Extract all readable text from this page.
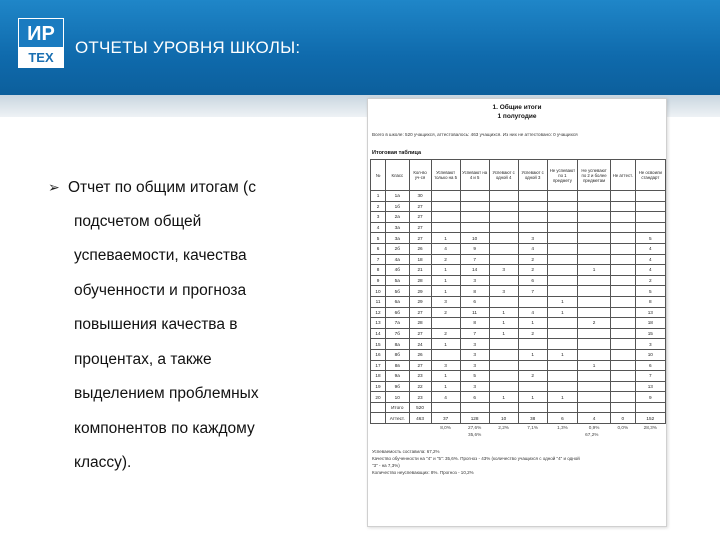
ИР
ТЕХ
ОТЧЕТЫ УРОВНЯ ШКОЛЫ:
➢ Отчет по общим итогам (с
подсчетом общей
успеваемости, качества
обученности и прогноза
повышения качества в
процентах, а также
выделением проблемных
компонентов по каждому
классу).
1. Общие итоги
1 полугодие
Всего в школе: 520 учащихся, аттестовалось: 463 учащихся. Из них не аттестовано: 0 учащихся
Итоговая таблица
№	Класс	Кол-во уч-ся	Успевают только на 5	Успевают на 4 и 5	Успевают с одной 4	Успевают с одной 3	Не успевают по 1 предмету	Не успевают по 2 и более предметам	Не аттест.	Не освоили стандарт
1	1а	30								
2	1б	27								
3	2а	27								
4	3а	27								
5	3а	27	1	10		3				5
6	2б	26	4	9		4				4
7	4а	18	2	7		2				4
8	4б	21	1	14	3	2		1		4
9	5а	28	1	3		6				2
10	5б	29	1	8	3	7				5
11	6а	29	3	6			1			8
12	6б	27	2	11	1	4	1			13
13	7а	28		8	1	1		2		18
14	7б	27	2	7	1	2				15
15	8а	24	1	3						3
16	8б	26		3		1	1			10
17	8в	27	3	3				1		6
18	9а	23	1	5		2				7
19	9б	22	1	3						13
20	10	23	4	6	1	1	1			9
	Итого	520								
	Аттест.	463	37	128	10	38	6	4	0	152
			8,0%	27,6%	2,2%	7,1%	1,3%	0,9%	0,0%	28,3%
			35,6%			67,2%				
Успеваемость составила: 67,2%
Качество обученности на "4" и "5": 35,6%. Прогноз - 43% (количество учащихся с одной "4" и одной
"3" - на 7,3%)
Количество неуспевающих: 8%. Прогноз - 10,2%
